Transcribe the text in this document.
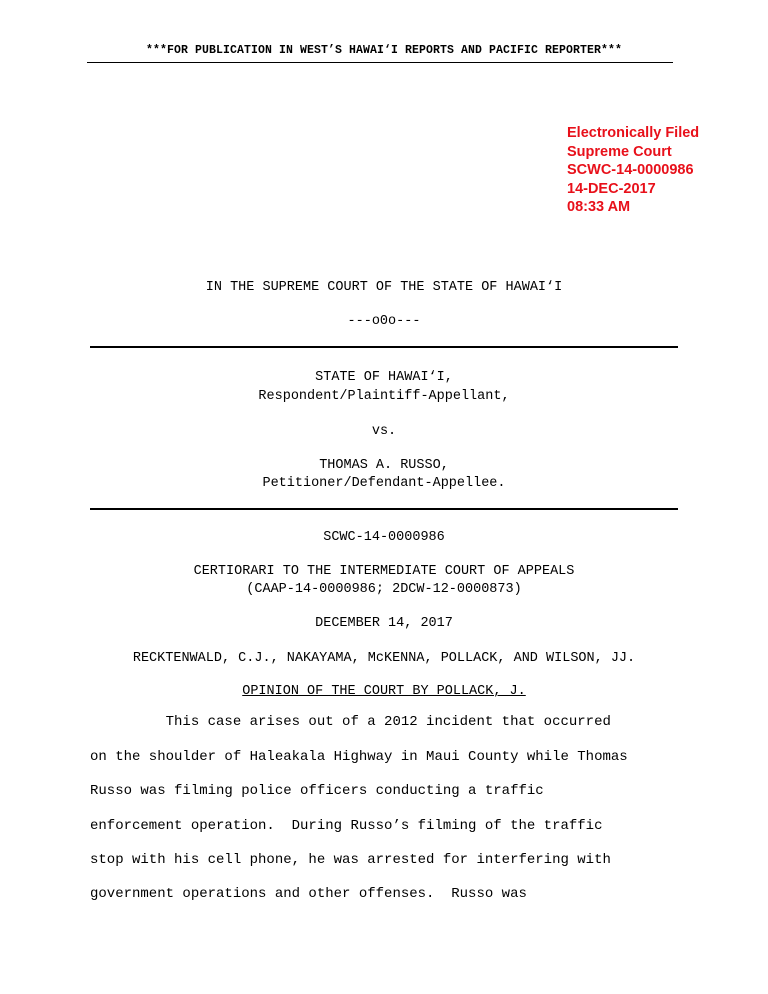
***FOR PUBLICATION IN WEST’S HAWAI‘I REPORTS AND PACIFIC REPORTER***
Electronically Filed
Supreme Court
SCWC-14-0000986
14-DEC-2017
08:33 AM
IN THE SUPREME COURT OF THE STATE OF HAWAI‘I
---o0o---
STATE OF HAWAI‘I,
Respondent/Plaintiff-Appellant,
vs.
THOMAS A. RUSSO,
Petitioner/Defendant-Appellee.
SCWC-14-0000986
CERTIORARI TO THE INTERMEDIATE COURT OF APPEALS
(CAAP-14-0000986; 2DCW-12-0000873)
DECEMBER 14, 2017
RECKTENWALD, C.J., NAKAYAMA, McKENNA, POLLACK, AND WILSON, JJ.
OPINION OF THE COURT BY POLLACK, J.
This case arises out of a 2012 incident that occurred
on the shoulder of Haleakala Highway in Maui County while Thomas
Russo was filming police officers conducting a traffic
enforcement operation.  During Russo’s filming of the traffic
stop with his cell phone, he was arrested for interfering with
government operations and other offenses.  Russo was
